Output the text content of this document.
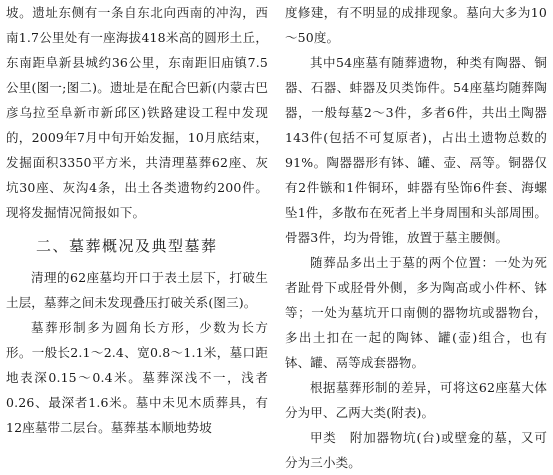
坡。遗址东侧有一条自东北向西南的冲沟，西南1.7公里处有一座海拔418米高的圆形土丘，东南距阜新县城约36公里，东南距旧庙镇7.5公里(图一;图二)。遗址是在配合巴新(内蒙古巴彦乌拉至阜新市新邱区)铁路建设工程中发现的，2009年7月中旬开始发掘，10月底结束，发掘面积3350平方米，共清理墓葬62座、灰坑30座、灰沟4条，出土各类遗物约200件。现将发掘情况简报如下。

二、墓葬概况及典型墓葬

清理的62座墓均开口于表土层下，打破生土层，墓葬之间未发现叠压打破关系(图三)。

墓葬形制多为圆角长方形，少数为长方形。一般长2.1～2.4、宽0.8～1.1米，墓口距地表深0.15～0.4米。墓葬深浅不一，浅者0.26、最深者1.6米。墓中未见木质葬具，有12座墓带二层台。墓葬基本顺地势坡

度修建，有不明显的成排现象。墓向大多为10～50度。

其中54座墓有随葬遗物，种类有陶器、铜器、石器、蚌器及贝类饰件。54座墓均随葬陶器，一般每墓2～3件，多者6件，共出土陶器143件(包括不可复原者)，占出土遗物总数的91%。陶器器形有钵、罐、壶、鬲等。铜器仅有2件镞和1件铜环，蚌器有坠饰6件套、海螺坠1件，多散布在死者上半身周围和头部周围。骨器3件，均为骨锥，放置于墓主腰侧。

随葬品多出土于墓的两个位置：一处为死者趾骨下或胫骨外侧，多为陶高或小件杯、钵等；一处为墓坑开口南侧的器物坑或器物台，多出土扣在一起的陶钵、罐(壶)组合，也有钵、罐、鬲等成套器物。

根据墓葬形制的差异，可将这62座墓大体分为甲、乙两大类(附表)。

甲类　附加器物坑(台)或壁龛的墓，又可分为三小类。
